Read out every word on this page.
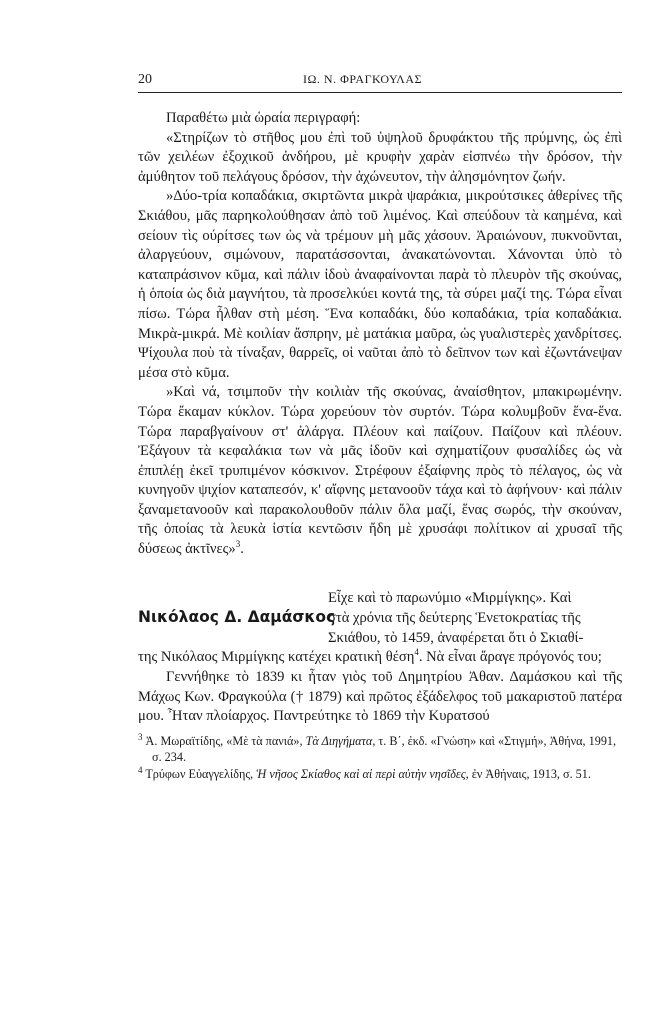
20	ΙΩ. Ν. ΦΡΑΓΚΟΥΛΑΣ

Παραθέτω μιὰ ὡραία περιγραφή:

«Στηρίζων τὸ στῆθος μου ἐπὶ τοῦ ὑψηλοῦ δρυφάκτου τῆς πρύμνης, ὡς ἐπὶ τῶν χειλέων ἐξοχικοῦ ἀνδήρου, μὲ κρυφὴν χαρὰν εἰσπνέω τὴν δρόσον, τὴν ἀμύθητον τοῦ πελάγους δρόσον, τὴν ἀχώνευτον, τὴν ἀλησμόνητον ζωήν.

»Δύο-τρία κοπαδάκια, σκιρτῶντα μικρὰ ψαράκια, μικρούτσικες ἀθερίνες τῆς Σκιάθου, μᾶς παρηκολούθησαν ἀπὸ τοῦ λιμένος. Καὶ σπεύδουν τὰ καημένα, καὶ σείουν τὶς ούρίτσες των ὡς νὰ τρέμουν μὴ μᾶς χάσουν. Ἀραιώνουν, πυκνοῦνται, ἀλαργεύουν, σιμώνουν, παρατάσσονται, ἀνακατώνονται. Χάνονται ὑπὸ τὸ καταπράσινον κῦμα, καὶ πάλιν ἰδοὺ ἀναφαίνονται παρὰ τὸ πλευρὸν τῆς σκούνας, ἡ ὁποία ὡς διὰ μαγνήτου, τὰ προσελκύει κοντά της, τὰ σύρει μαζί της. Τώρα εἶναι πίσω. Τώρα ἦλθαν στὴ μέση. Ἕνα κοπαδάκι, δύο κοπαδάκια, τρία κοπαδάκια. Μικρὰ-μικρά. Μὲ κοιλίαν ἄσπρην, μὲ ματάκια μαῦρα, ὡς γυαλιστερὲς χανδρίτσες. Ψίχουλα ποὺ τὰ τίναξαν, θαρρεῖς, οἱ ναῦται ἀπὸ τὸ δεῖπνον των καὶ ἐζωντάνεψαν μέσα στὸ κῦμα.

»Καὶ νά, τσιμποῦν τὴν κοιλιὰν τῆς σκούνας, ἀναίσθητον, μπακιρωμένην. Τώρα ἔκαμαν κύκλον. Τώρα χορεύουν τὸν συρτόν. Τώρα κολυμβοῦν ἕνα-ἕνα. Τώρα παραβγαίνουν στ' ἀλάργα. Πλέουν καὶ παίζουν. Παίζουν καὶ πλέουν. Ἐξάγουν τὰ κεφαλάκια των νὰ μᾶς ἰδοῦν καὶ σχηματίζουν φυσαλίδες ὡς νὰ ἐπιπλέῃ ἐκεῖ τρυπιμένον κόσκινον. Στρέφουν ἐξαίφνης πρὸς τὸ πέλαγος, ὡς νὰ κυνηγοῦν ψιχίον καταπεσόν, κ' αἴφνης μετανοοῦν τάχα καὶ τὸ ἀφήνουν· καὶ πάλιν ξαναμετανοοῦν καὶ παρακολουθοῦν πάλιν ὅλα μαζί, ἕνας σωρός, τὴν σκούναν, τῆς ὁποίας τὰ λευκὰ ἱστία κεντῶσιν ἤδη μὲ χρυσάφι πολίτικον αἱ χρυσαῖ τῆς δύσεως ἀκτῖνες»$^3$.

Εἶχε καὶ τὸ παρωνύμιο «Μιρμίγκης». Καὶ
Νικόλαος Δ. Δαμάσκος
στὰ χρόνια τῆς δεύτερης Ἑνετοκρατίας τῆς
Σκιάθου, τὸ 1459, ἀναφέρεται ὅτι ὁ Σκιαθί-

της Νικόλαος Μιρμίγκης κατέχει κρατικὴ θέση$^4$. Νὰ εἶναι ἄραγε πρόγονός του;

Γεννήθηκε τὸ 1839 κι ἦταν γιὸς τοῦ Δημητρίου Ἀθαν. Δαμάσκου καὶ τῆς Μάχως Κων. Φραγκούλα († 1879) καὶ πρῶτος ἐξάδελφος τοῦ μακαριστοῦ πατέρα μου. Ἦταν πλοίαρχος. Παντρεύτηκε τὸ 1869 τὴν Κυρατσού

$^3$ Ἀ. Μωραϊτίδης, «Μὲ τὰ πανιά», Τὰ Διηγήματα, τ. Β΄, ἐκδ. «Γνώση» καὶ «Στιγμή», Ἀθήνα, 1991, σ. 234.

$^4$ Τρύφων Εὐαγγελίδης, Ἡ νῆσος Σκίαθος καὶ αἱ περὶ αὐτὴν νησῖδες, ἐν Ἀθήναις, 1913, σ. 51.
